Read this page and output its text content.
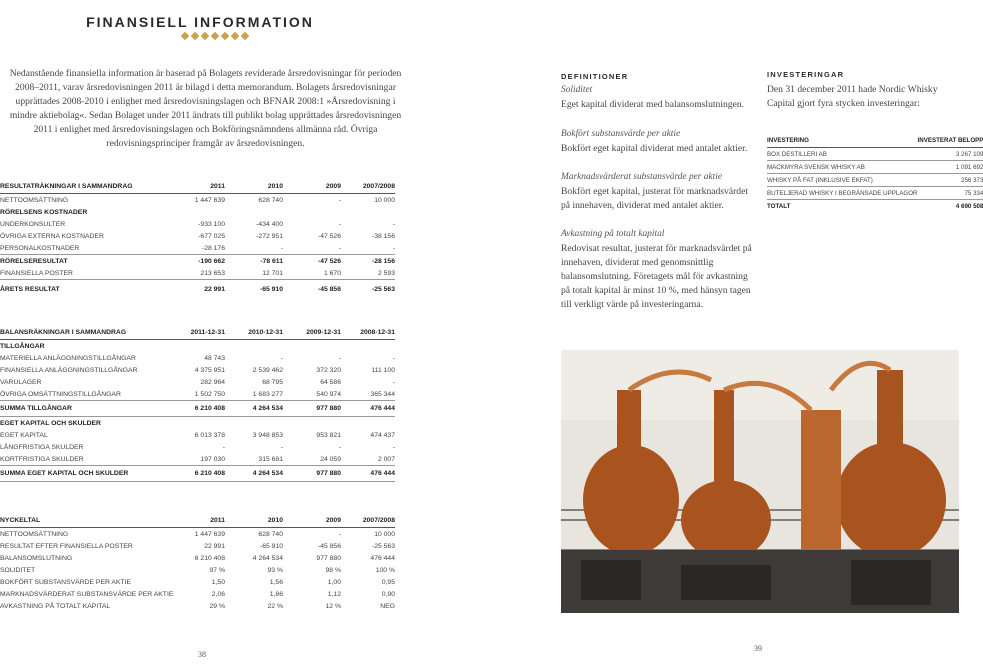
FINANSIELL INFORMATION
Nedanstående finansiella information är baserad på Bolagets reviderade årsredovisningar för perioden 2008–2011, varav årsredovisningen 2011 är bilagd i detta memorandum. Bolagets årsredovisningar upprättades 2008-2010 i enlighet med årsredovisningslagen och BFNAR 2008:1 »Årsredovisning i mindre aktiebolag«. Sedan Bolaget under 2011 ändrats till publikt bolag upprättades årsredovisningen 2011 i enlighet med årsredovisningslagen och Bokföringsnämndens allmänna råd. Övriga redovisningsprinciper framgår av årsredovisningen.
RESULTATRÄKNINGAR I SAMMANDRAG	2011	2010	2009	2007/2008
NETTOOMSÄTTNING	1 447 639	628 740	-	10 000
RÖRELSENS KOSTNADER				
UNDERKONSULTER	-933 100	-434 400	-	-
ÖVRIGA EXTERNA KOSTNADER	-677 025	-272 951	-47 526	-38 156
PERSONALKOSTNADER	-28 176	-	-	-
RÖRELSERESULTAT	-190 662	-78 611	-47 526	-28 156
FINANSIELLA POSTER	213 653	12 701	1 670	2 593
ÅRETS RESULTAT	22 991	-65 910	-45 856	-25 563
BALANSRÄKNINGAR I SAMMANDRAG	2011-12-31	2010-12-31	2009-12-31	2008-12-31
TILLGÅNGAR				
MATERIELLA ANLÄGGNINGSTILLGÅNGAR	48 743	-	-	-
FINANSIELLA ANLÄGGNINGSTILLGÅNGAR	4 375 951	2 539 462	372 320	111 100
VARULAGER	282 964	68 795	64 586	-
ÖVRIGA OMSÄTTNINGSTILLGÅNGAR	1 502 750	1 683 277	540 974	365 344
SUMMA TILLGÅNGAR	6 210 408	4 264 534	977 880	476 444
EGET KAPITAL OCH SKULDER				
EGET KAPITAL	6 013 378	3 948 853	953 821	474 437
LÅNGFRISTIGA SKULDER	-	-	-	-
KORTFRISTIGA SKULDER	197 030	315 681	24 059	2 007
SUMMA EGET KAPITAL OCH SKULDER	6 210 408	4 264 534	977 880	476 444
NYCKELTAL	2011	2010	2009	2007/2008
NETTOOMSÄTTNING	1 447 639	628 740	-	10 000
RESULTAT EFTER FINANSIELLA POSTER	22 991	-65 910	-45 856	-25 563
BALANSOMSLUTNING	6 210 408	4 264 534	977 880	476 444
SOLIDITET	97 %	93 %	98 %	100 %
BOKFÖRT SUBSTANSVÄRDE PER AKTIE	1,50	1,56	1,00	0,95
MARKNADSVÄRDERAT SUBSTANSVÄRDE PER AKTIE	2,06	1,86	1,12	0,90
AVKASTNING PÅ TOTALT KAPITAL	29 %	22 %	12 %	NEG
DEFINITIONER
Soliditet
Eget kapital dividerat med balansomslutningen.
Bokfört substansvärde per aktie
Bokfört eget kapital dividerat med antalet aktier.
Marknadsvärderat substansvärde per aktie
Bokfört eget kapital, justerat för marknadsvärdet på innehaven, dividerat med antalet aktier.
Avkastning på totalt kapital
Redovisat resultat, justerat för marknadsvärdet på innehaven, dividerat med genomsnittlig balansomslutning. Företagets mål för avkastning på totalt kapital är minst 10 %, med hänsyn tagen till verkligt värde på investeringarna.
INVESTERINGAR
Den 31 december 2011 hade Nordic Whisky Capital gjort fyra stycken investeringar:
INVESTERING	INVESTERAT BELOPP
BOX DESTILLERI AB	3 267 109
MACKMYRA SVENSK WHISKY AB	1 091 692
WHISKY PÅ FAT (INKLUSIVE EKFAT)	256 373
BUTELJERAD WHISKY I BEGRÄNSADE UPPLAGOR	75 334
TOTALT	4 690 508
38
39
